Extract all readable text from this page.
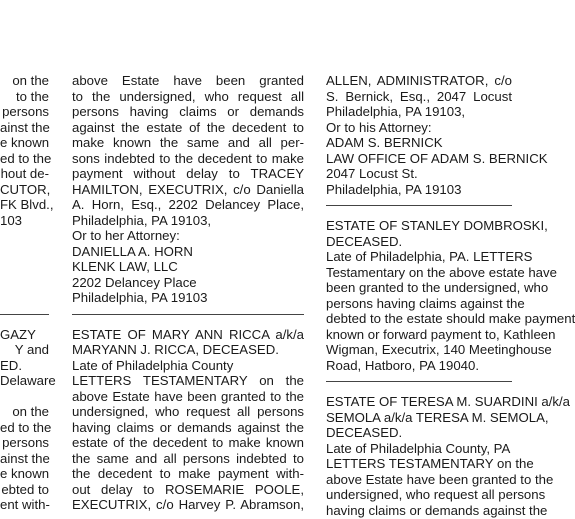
on the
to the
persons
ainst the
e known
ed to the
hout de-
CUTOR,
FK Blvd.,
103
GAZY
Y and
ED.
Delaware
on the
ed to the
persons
ainst the
e known
ebted to
ent with-
above Estate have been granted
to the undersigned, who request all
persons having claims or demands
against the estate of the decedent to
make known the same and all per-
sons indebted to the decedent to make
payment without delay to TRACEY
HAMILTON, EXECUTRIX, c/o Daniella
A. Horn, Esq., 2202 Delancey Place,
Philadelphia, PA 19103,
Or to her Attorney:
DANIELLA A. HORN
KLENK LAW, LLC
2202 Delancey Place
Philadelphia, PA 19103
ESTATE OF MARY ANN RICCA a/k/a
MARYANN J. RICCA, DECEASED.
Late of Philadelphia County
LETTERS TESTAMENTARY on the
above Estate have been granted to the
undersigned, who request all persons
having claims or demands against the
estate of the decedent to make known
the same and all persons indebted to
the decedent to make payment with-
out delay to ROSEMARIE POOLE,
EXECUTRIX, c/o Harvey P. Abramson,
ALLEN, ADMINISTRATOR, c/o
S. Bernick, Esq., 2047 Locust
Philadelphia, PA 19103,
Or to his Attorney:
ADAM S. BERNICK
LAW OFFICE OF ADAM S. BERNICK
2047 Locust St.
Philadelphia, PA 19103
ESTATE OF STANLEY DOMBROSKI,
DECEASED.
Late of Philadelphia, PA. LETTERS
Testamentary on the above estate have
been granted to the undersigned, who
persons having claims against the
debted to the estate should make payment
known or forward payment to, Kathleen
Wigman, Executrix, 140 Meetinghouse
Road, Hatboro, PA 19040.
ESTATE OF TERESA M. SUARDINI a/k/a
SEMOLA a/k/a TERESA M. SEMOLA,
DECEASED.
Late of Philadelphia County, PA
LETTERS TESTAMENTARY on the
above Estate have been granted to the
undersigned, who request all persons
having claims or demands against the
